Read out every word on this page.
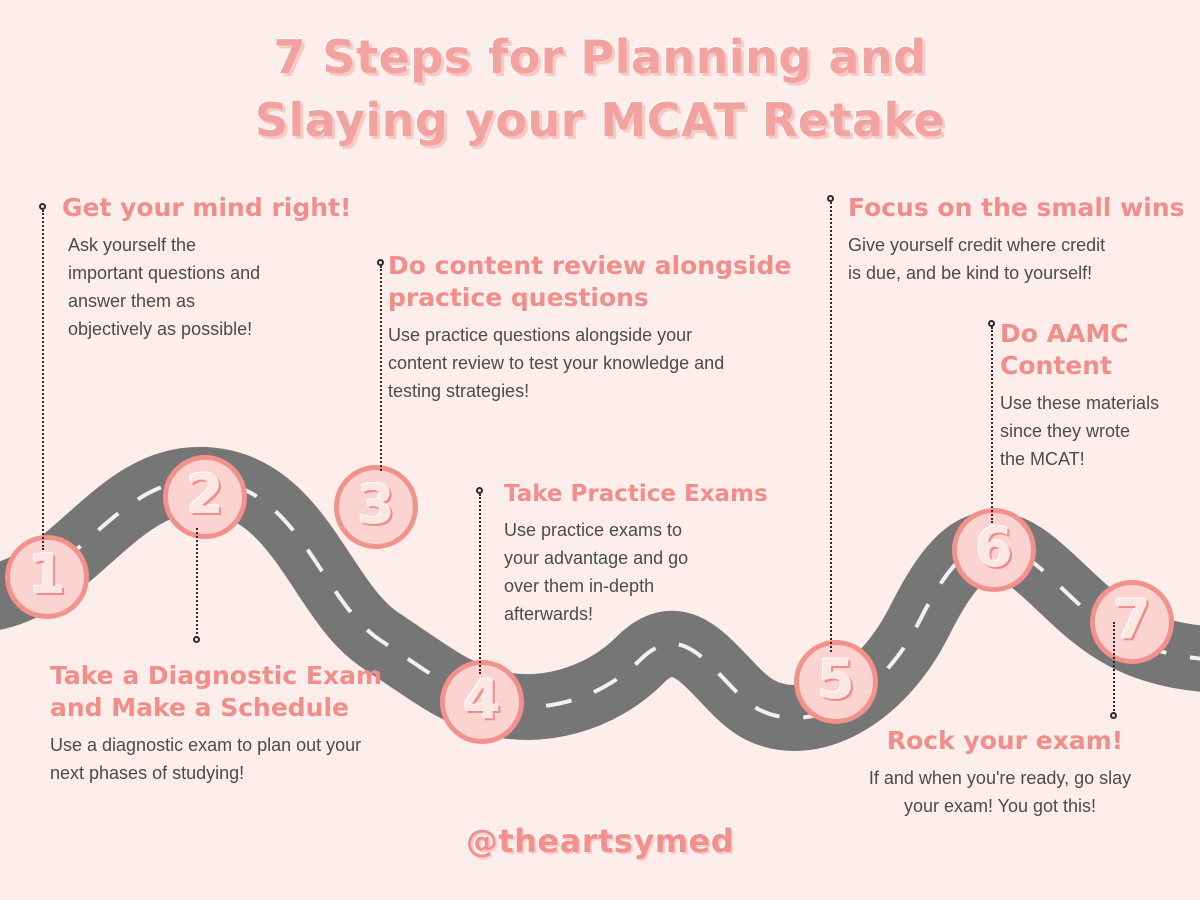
7 Steps for Planning and
Slaying your MCAT Retake
1
2 3
4	5
6
7

Get your mind right!

Ask yourself the important questions and answer them as objectively as possible!

Take a Diagnostic Exam and Make a Schedule

Use a diagnostic exam to plan out your next phases of studying!

Do content review alongside practice questions

Use practice questions alongside your content review to test your knowledge and testing strategies!

Take Practice Exams

Use practice exams to your advantage and go over them in-depth afterwards!

Focus on the small wins

Give yourself credit where credit is due, and be kind to yourself!

Do AAMC Content

Use these materials since they wrote the MCAT!

Rock your exam!

If and when you're ready, go slay your exam! You got this!

@theartsymed
